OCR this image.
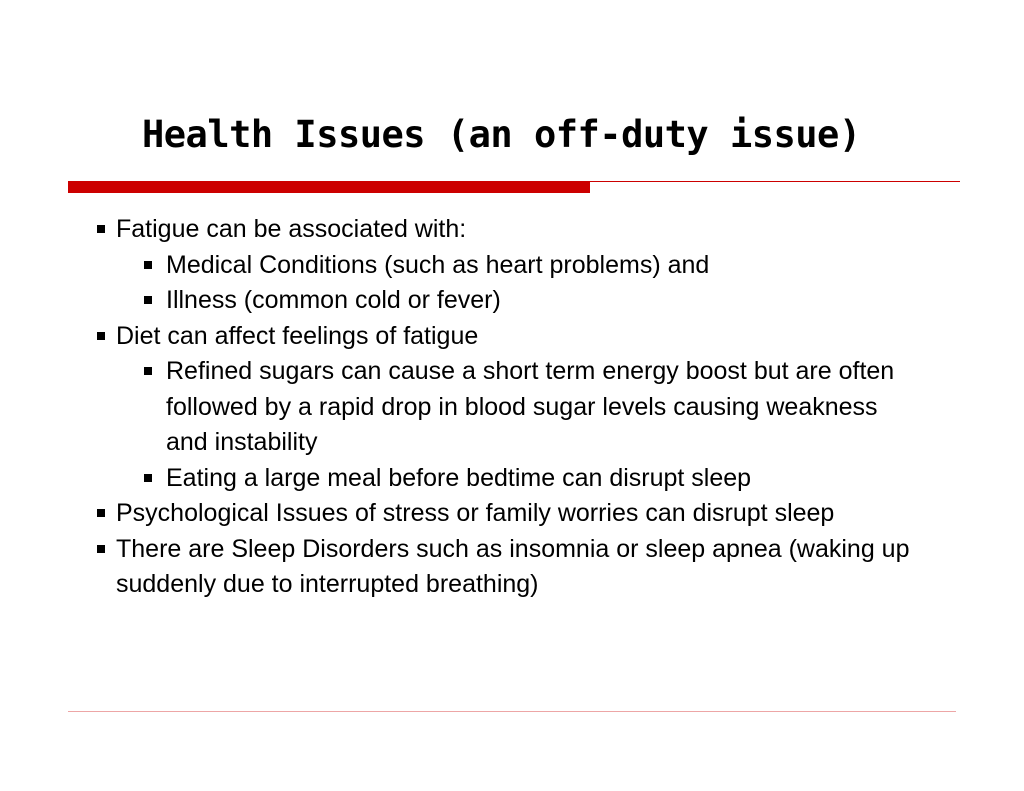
Health Issues (an off-duty issue)
Fatigue can be associated with:
Medical Conditions (such as heart problems) and
Illness (common cold or fever)
Diet can affect feelings of fatigue
Refined sugars can cause a short term energy boost but are often followed by a rapid drop in blood sugar levels causing weakness and instability
Eating a large meal before bedtime can disrupt sleep
Psychological Issues of stress or family worries can disrupt sleep
There are Sleep Disorders such as insomnia or sleep apnea (waking up suddenly due to interrupted breathing)
